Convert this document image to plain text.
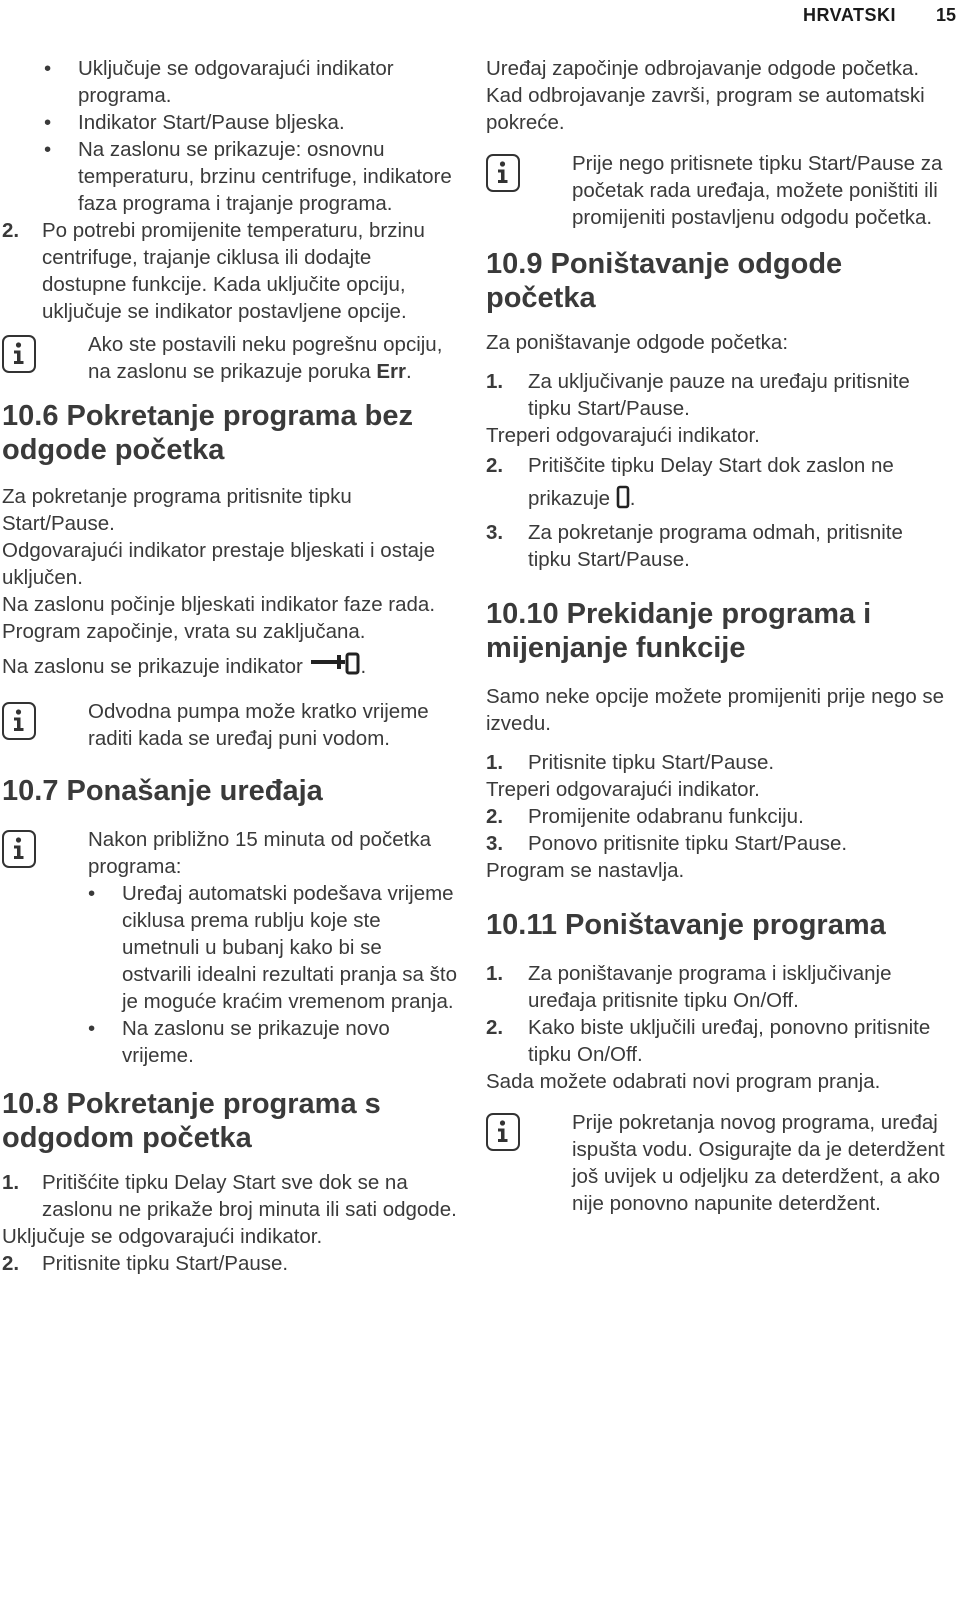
HRVATSKI 15

• Uključuje se odgovarajući indikator programa.

• Indikator Start/Pause bljeska.

• Na zaslonu se prikazuje: osnovnu temperaturu, brzinu centrifuge, indikatore faza programa i trajanje programa.

2. Po potrebi promijenite temperaturu, brzinu centrifuge, trajanje ciklusa ili dodajte dostupne funkcije. Kada uključite opciju, uključuje se indikator postavljene opcije.

Ako ste postavili neku pogrešnu opciju, na zaslonu se prikazuje poruka Err.

10.6 Pokretanje programa bez odgode početka

Za pokretanje programa pritisnite tipku Start/Pause.

Odgovarajući indikator prestaje bljeskati i ostaje uključen.

Na zaslonu počinje bljeskati indikator faze rada.

Program započinje, vrata su zaključana.

Na zaslonu se prikazuje indikator	.

Odvodna pumpa može kratko vrijeme raditi kada se uređaj puni vodom.

10.7 Ponašanje uređaja

Nakon približno 15 minuta od početka programa:

• Uređaj automatski podešava vrijeme ciklusa prema rublju koje ste umetnuli u bubanj kako bi se ostvarili idealni rezultati pranja sa što je moguće kraćim vremenom pranja.

• Na zaslonu se prikazuje novo vrijeme.

10.8 Pokretanje programa s odgodom početka

1. Pritišćite tipku Delay Start sve dok se na zaslonu ne prikaže broj minuta ili sati odgode.

Uključuje se odgovarajući indikator.

2. Pritisnite tipku Start/Pause.

Uređaj započinje odbrojavanje odgode početka.

Kad odbrojavanje završi, program se automatski pokreće.

Prije nego pritisnete tipku Start/Pause za početak rada uređaja, možete poništiti ili promijeniti postavljenu odgodu početka.

10.9 Poništavanje odgode početka

Za poništavanje odgode početka:

1. Za uključivanje pauze na uređaju pritisnite tipku Start/Pause.

Treperi odgovarajući indikator.

2. Pritiščite tipku Delay Start dok zaslon ne prikazuje .

3. Za pokretanje programa odmah, pritisnite tipku Start/Pause.

10.10 Prekidanje programa i mijenjanje funkcije

Samo neke opcije možete promijeniti prije nego se izvedu.

1. Pritisnite tipku Start/Pause.

Treperi odgovarajući indikator.

2. Promijenite odabranu funkciju.

3. Ponovo pritisnite tipku Start/Pause.

Program se nastavlja.

10.11 Poništavanje programa

1. Za poništavanje programa i isključivanje uređaja pritisnite tipku On/Off.

2. Kako biste uključili uređaj, ponovno pritisnite tipku On/Off.

Sada možete odabrati novi program pranja.

Prije pokretanja novog programa, uređaj ispušta vodu. Osigurajte da je deterdžent još uvijek u odjeljku za deterdžent, a ako nije ponovno napunite deterdžent.
